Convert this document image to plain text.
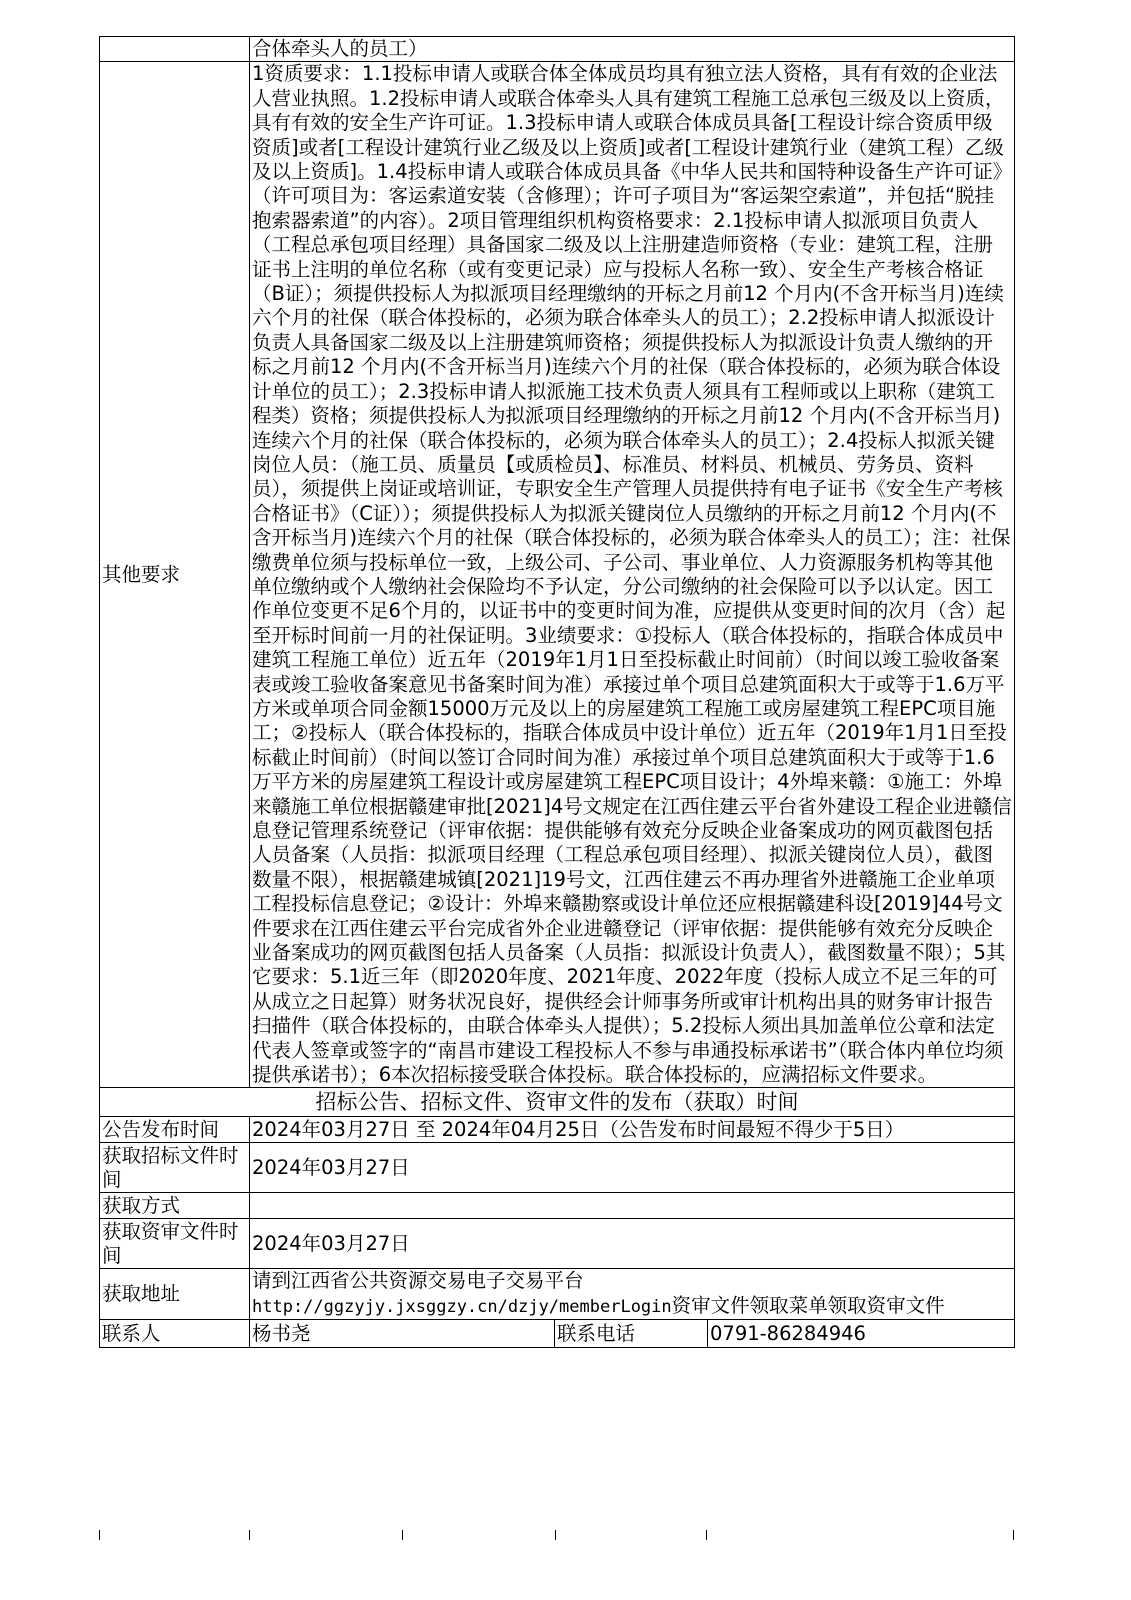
	合体牵头人的员工）		
其他要求	1资质要求：1.1投标申请人或联合体全体成员均具有独立法人资格，具有有效的企业法人营业执照。1.2投标申请人或联合体牵头人具有建筑工程施工总承包三级及以上资质，具有有效的安全生产许可证。1.3投标申请人或联合体成员具备[工程设计综合资质甲级资质]或者[工程设计建筑行业乙级及以上资质]或者[工程设计建筑行业（建筑工程）乙级及以上资质]。1.4投标申请人或联合体成员具备《中华人民共和国特种设备生产许可证》（许可项目为：客运索道安装（含修理）；许可子项目为“客运架空索道”，并包括“脱挂抱索器索道”的内容）。2项目管理组织机构资格要求：2.1投标申请人拟派项目负责人（工程总承包项目经理）具备国家二级及以上注册建造师资格（专业：建筑工程，注册证书上注明的单位名称（或有变更记录）应与投标人名称一致）、安全生产考核合格证（B证）；须提供投标人为拟派项目经理缴纳的开标之月前12 个月内(不含开标当月)连续六个月的社保（联合体投标的，必须为联合体牵头人的员工）；2.2投标申请人拟派设计负责人具备国家二级及以上注册建筑师资格；须提供投标人为拟派设计负责人缴纳的开标之月前12 个月内(不含开标当月)连续六个月的社保（联合体投标的，必须为联合体设计单位的员工）；2.3投标申请人拟派施工技术负责人须具有工程师或以上职称（建筑工程类）资格；须提供投标人为拟派项目经理缴纳的开标之月前12 个月内(不含开标当月)连续六个月的社保（联合体投标的，必须为联合体牵头人的员工）；2.4投标人拟派关键岗位人员：（施工员、质量员【或质检员】、标准员、材料员、机械员、劳务员、资料员），须提供上岗证或培训证，专职安全生产管理人员提供持有电子证书《安全生产考核合格证书》（C证））；须提供投标人为拟派关键岗位人员缴纳的开标之月前12 个月内(不含开标当月)连续六个月的社保（联合体投标的，必须为联合体牵头人的员工）；注：社保缴费单位须与投标单位一致，上级公司、子公司、事业单位、人力资源服务机构等其他单位缴纳或个人缴纳社会保险均不予认定，分公司缴纳的社会保险可以予以认定。因工作单位变更不足6个月的，以证书中的变更时间为准，应提供从变更时间的次月（含）起至开标时间前一月的社保证明。3业绩要求：①投标人（联合体投标的，指联合体成员中建筑工程施工单位）近五年（2019年1月1日至投标截止时间前）（时间以竣工验收备案表或竣工验收备案意见书备案时间为准）承接过单个项目总建筑面积大于或等于1.6万平方米或单项合同金额15000万元及以上的房屋建筑工程施工或房屋建筑工程EPC项目施工；②投标人（联合体投标的，指联合体成员中设计单位）近五年（2019年1月1日至投标截止时间前）（时间以签订合同时间为准）承接过单个项目总建筑面积大于或等于1.6万平方米的房屋建筑工程设计或房屋建筑工程EPC项目设计；4外埠来赣：①施工：外埠来赣施工单位根据赣建审批[2021]4号文规定在江西住建云平台省外建设工程企业进赣信息登记管理系统登记（评审依据：提供能够有效充分反映企业备案成功的网页截图包括人员备案（人员指：拟派项目经理（工程总承包项目经理）、拟派关键岗位人员），截图数量不限），根据赣建城镇[2021]19号文，江西住建云不再办理省外进赣施工企业单项工程投标信息登记；②设计：外埠来赣勘察或设计单位还应根据赣建科设[2019]44号文件要求在江西住建云平台完成省外企业进赣登记（评审依据：提供能够有效充分反映企业备案成功的网页截图包括人员备案（人员指：拟派设计负责人），截图数量不限）；5其它要求：5.1近三年（即2020年度、2021年度、2022年度（投标人成立不足三年的可从成立之日起算）财务状况良好，提供经会计师事务所或审计机构出具的财务审计报告扫描件（联合体投标的，由联合体牵头人提供）；5.2投标人须出具加盖单位公章和法定代表人签章或签字的“南昌市建设工程投标人不参与串通投标承诺书”（联合体内单位均须提供承诺书）；6本次招标接受联合体投标。联合体投标的，应满招标文件要求。		
招标公告、招标文件、资审文件的发布（获取）时间			
公告发布时间	2024年03月27日 至 2024年04月25日（公告发布时间最短不得少于5日）		
获取招标文件时间	2024年03月27日		
获取方式			
获取资审文件时间	2024年03月27日		
获取地址	请到江西省公共资源交易电子交易平台
http://ggzyjy.jxsggzy.cn/dzjy/memberLogin资审文件领取菜单领取资审文件		

联系人	杨书尧	联系电话	0791-86284946
